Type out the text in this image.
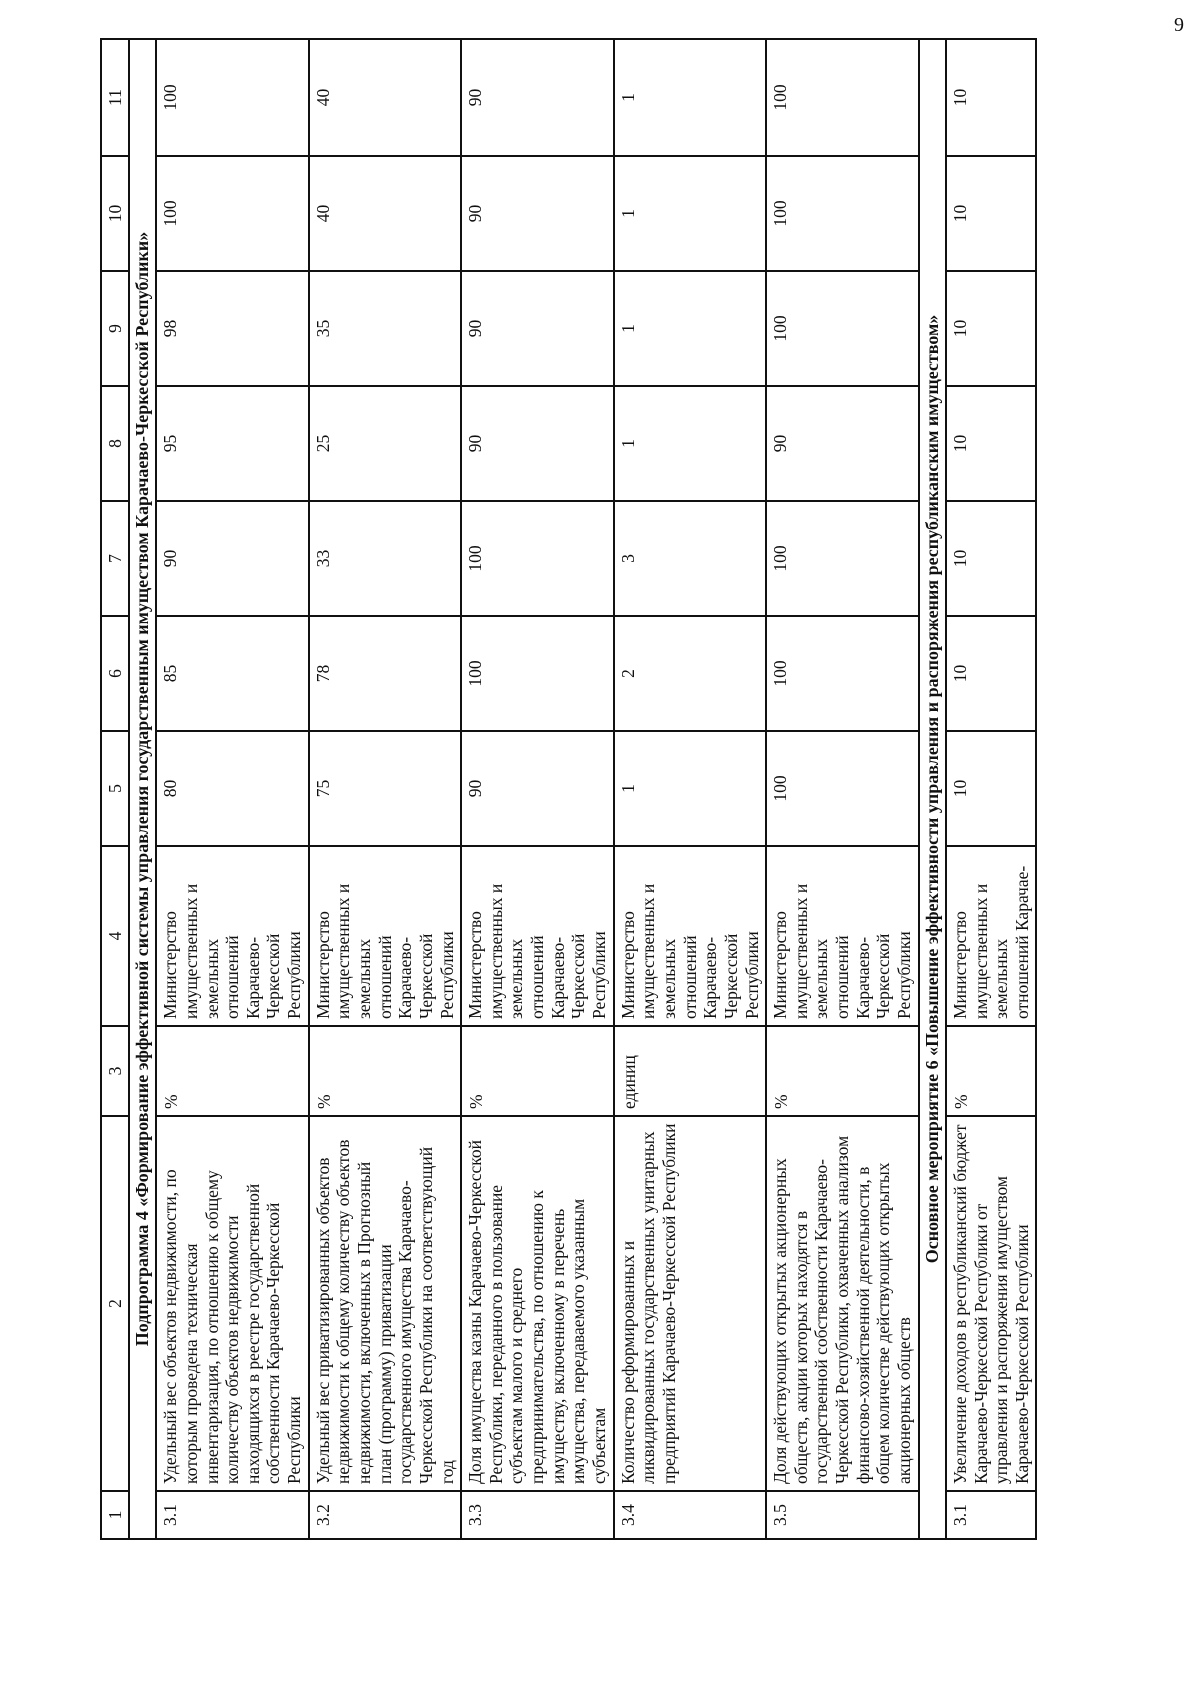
9
1	2	3	4	5	6	7	8	9	10	11
Подпрограмма 4 «Формирование эффективной системы управления государственным имуществом Карачаево-Черкесской Республики»										
3.1	Удельный вес объектов недвижимости, по которым проведена техническая инвентаризация, по отношению к общему количеству объектов недвижимости находящихся в реестре государственной собственности Карачаево-Черкесской Республики	%	Министерство имущественных и земельных отношений Карачаево-Черкесской Республики	80	85	90	95	98	100	100
3.2	Удельный вес приватизированных объектов недвижимости к общему количеству объектов недвижимости, включенных в Прогнозный план (программу) приватизации государственного имущества Карачаево-Черкесской Республики на соответствующий год	%	Министерство имущественных и земельных отношений Карачаево-Черкесской Республики	75	78	33	25	35	40	40
3.3	Доля имущества казны Карачаево-Черкесской Республики, переданного в пользование субъектам малого и среднего предпринимательства, по отношению к имуществу, включенному в перечень имущества, передаваемого указанным субъектам	%	Министерство имущественных и земельных отношений Карачаево-Черкесской Республики	90	100	100	90	90	90	90
3.4	Количество реформированных и ликвидированных государственных унитарных предприятий Карачаево-Черкесской Республики	единиц	Министерство имущественных и земельных отношений Карачаево-Черкесской Республики	1	2	3	1	1	1	1
3.5	Доля действующих открытых акционерных обществ, акции которых находятся в государственной собственности Карачаево-Черкесской Республики, охваченных анализом финансово-хозяйственной деятельности, в общем количестве действующих открытых акционерных обществ	%	Министерство имущественных и земельных отношений Карачаево-Черкесской Республики	100	100	100	90	100	100	100
Основное мероприятие 6 «Повышение эффективности управления и распоряжения республиканским имуществом»										
3.1	Увеличение доходов в республиканский бюджет Карачаево-Черкесской Республики от управления и распоряжения имуществом Карачаево-Черкесской Республики	%	Министерство имущественных и земельных отношений Карачае-	10	10	10	10	10	10	10
